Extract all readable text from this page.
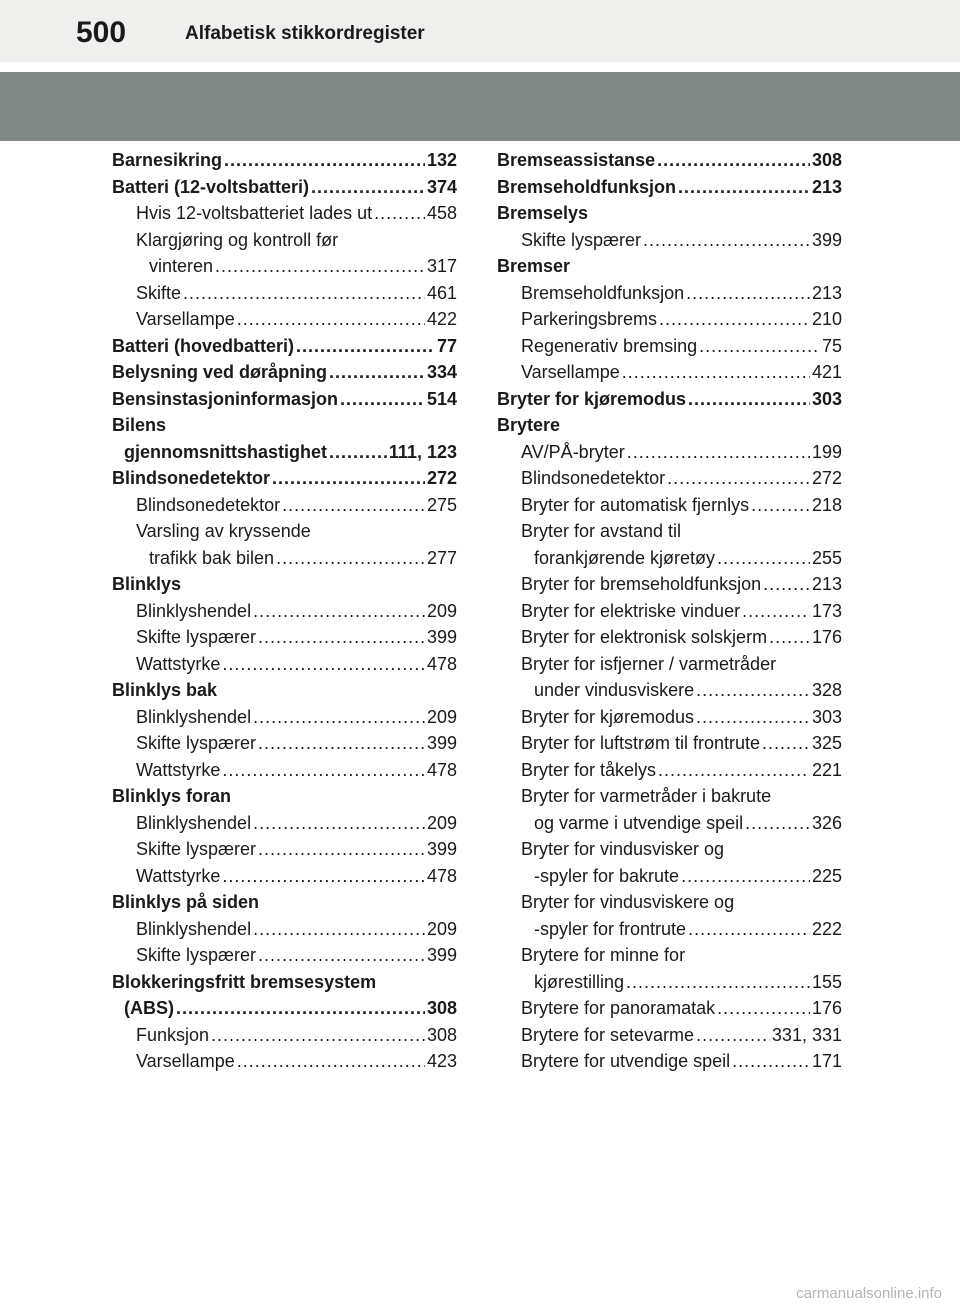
500	Alfabetisk stikkordregister
Barnesikring .....	132
Batteri (12-voltsbatteri) .....	374
Hvis 12-voltsbatteriet lades ut .....	458
Klargjøring og kontroll før
vinteren .....	317
Skifte .....	461
Varsellampe .....	422
Batteri (hovedbatteri) .....	77
Belysning ved døråpning .....	334
Bensinstasjoninformasjon .....	514
Bilens
gjennomsnittshastighet .....	111, 123
Blindsonedetektor .....	272
Blindsonedetektor .....	275
Varsling av kryssende
trafikk bak bilen .....	277
Blinklys
Blinklyshendel .....	209
Skifte lyspærer .....	399
Wattstyrke .....	478
Blinklys bak
Blinklyshendel .....	209
Skifte lyspærer .....	399
Wattstyrke .....	478
Blinklys foran
Blinklyshendel .....	209
Skifte lyspærer .....	399
Wattstyrke .....	478
Blinklys på siden
Blinklyshendel .....	209
Skifte lyspærer .....	399
Blokkeringsfritt bremsesystem
(ABS) .....	308
Funksjon .....	308
Varsellampe .....	423
Bremseassistanse .....	308
Bremseholdfunksjon .....	213
Bremselys
Skifte lyspærer .....	399
Bremser
Bremseholdfunksjon .....	213
Parkeringsbrems .....	210
Regenerativ bremsing .....	75
Varsellampe .....	421
Bryter for kjøremodus .....	303
Brytere
AV/PÅ-bryter .....	199
Blindsonedetektor .....	272
Bryter for automatisk fjernlys .....	218
Bryter for avstand til
forankjørende kjøretøy .....	255
Bryter for bremseholdfunksjon .....	213
Bryter for elektriske vinduer .....	173
Bryter for elektronisk solskjerm ..... 176
Bryter for isfjerner / varmetråder
under vindusviskere .....	328
Bryter for kjøremodus .....	303
Bryter for luftstrøm til frontrute .....	325
Bryter for tåkelys .....	221
Bryter for varmetråder i bakrute
og varme i utvendige speil .....	326
Bryter for vindusvisker og
-spyler for bakrute .....	225
Bryter for vindusviskere og
-spyler for frontrute .....	222
Brytere for minne for
kjørestilling .....	155
Brytere for panoramatak .....	176
Brytere for setevarme .....	331, 331
Brytere for utvendige speil .....	171
carmanualsonline.info
